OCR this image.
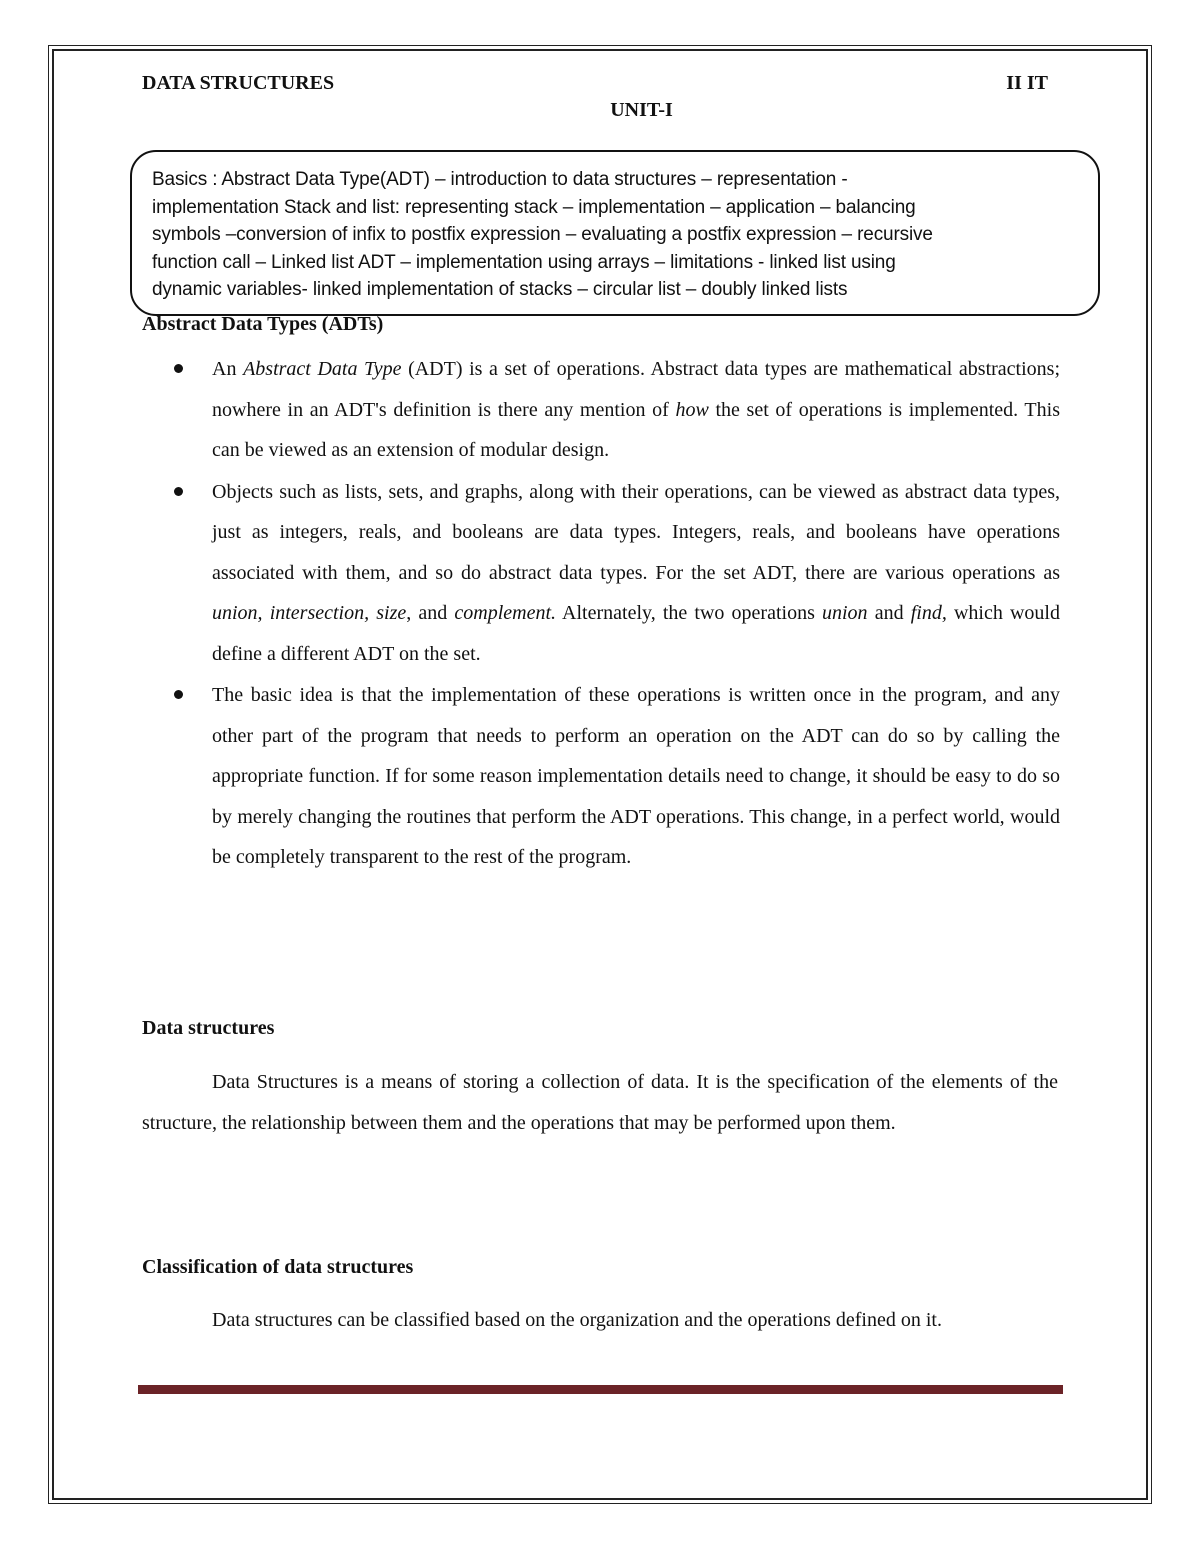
DATA STRUCTURES	II IT
UNIT-I
Basics : Abstract Data Type(ADT) – introduction to data structures – representation -
implementation Stack and list: representing stack – implementation – application – balancing
symbols –conversion of infix to postfix expression – evaluating a postfix expression – recursive
function call – Linked list ADT – implementation using arrays – limitations - linked list using
dynamic variables- linked implementation of stacks – circular list – doubly linked lists
Abstract Data Types (ADTs)
An Abstract Data Type (ADT) is a set of operations. Abstract data types are mathematical abstractions; nowhere in an ADT's definition is there any mention of how the set of operations is implemented. This can be viewed as an extension of modular design.
Objects such as lists, sets, and graphs, along with their operations, can be viewed as abstract data types, just as integers, reals, and booleans are data types. Integers, reals, and booleans have operations associated with them, and so do abstract data types. For the set ADT, there are various operations as union, intersection, size, and complement. Alternately, the two operations union and find, which would define a different ADT on the set.
The basic idea is that the implementation of these operations is written once in the program, and any other part of the program that needs to perform an operation on the ADT can do so by calling the appropriate function. If for some reason implementation details need to change, it should be easy to do so by merely changing the routines that perform the ADT operations. This change, in a perfect world, would be completely transparent to the rest of the program.
Data structures
Data Structures is a means of storing a collection of data. It is the specification of the elements of the structure, the relationship between them and the operations that may be performed upon them.
Classification of data structures
Data structures can be classified based on the organization and the operations defined on it.
